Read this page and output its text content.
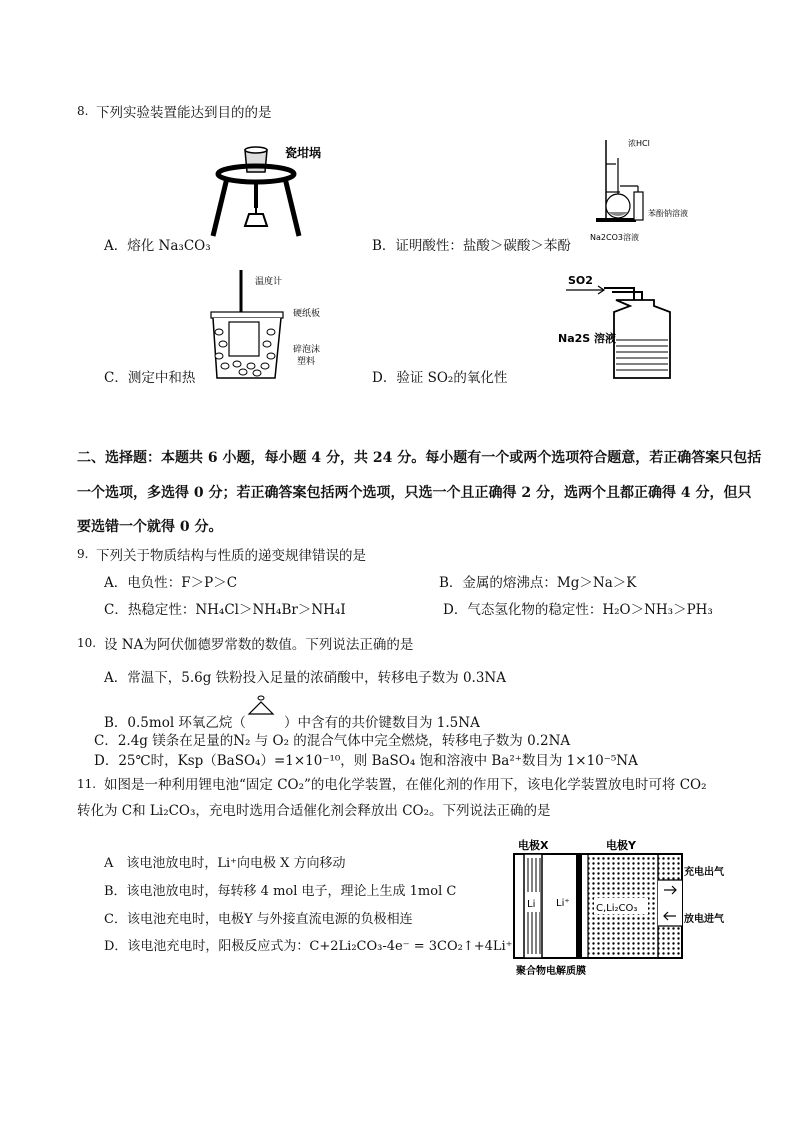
8. 下列实验装置能达到目的的是
瓷坩埚
浓HCl
苯酚钠溶液
Na2CO3溶液
A．熔化 Na₃CO₃	B．证明酸性：盐酸＞碳酸＞苯酚
温度计
硬纸板
碎泡沫
塑料
SO2
Na2S 溶液
C．测定中和热	D．验证 SO₂的氧化性
二、选择题：本题共 6 小题，每小题 4 分，共 24 分。每小题有一个或两个选项符合题意，若正确答案只包括
一个选项，多选得 0 分；若正确答案包括两个选项，只选一个且正确得 2 分，选两个且都正确得 4 分，但只
要选错一个就得 0 分。
9. 下列关于物质结构与性质的递变规律错误的是
A．电负性：F＞P＞C	B．金属的熔沸点：Mg＞Na＞K
C．热稳定性：NH₄Cl＞NH₄Br＞NH₄I	D．气态氢化物的稳定性：H₂O＞NH₃＞PH₃
10. 设 NA为阿伏伽德罗常数的数值。下列说法正确的是
A．常温下，5.6g 铁粉投入足量的浓硝酸中，转移电子数为 0.3NA
B．0.5mol 环氧乙烷（	）中含有的共价键数目为 1.5NA
C．2.4g 镁条在足量的N₂ 与 O₂ 的混合气体中完全燃烧，转移电子数为 0.2NA
D．25℃时，Ksp（BaSO₄）=1×10⁻¹⁰，则 BaSO₄ 饱和溶液中 Ba²⁺数目为 1×10⁻⁵NA
11. 如图是一种利用锂电池“固定 CO₂”的电化学装置，在催化剂的作用下，该电化学装置放电时可将 CO₂
转化为 C和 Li₂CO₃，充电时选用合适催化剂会释放出 CO₂。下列说法正确的是
A　该电池放电时，Li⁺向电极 X 方向移动
B．该电池放电时，每转移 4 mol 电子，理论上生成 1mol C
C．该电池充电时，电极Y 与外接直流电源的负极相连
D．该电池充电时，阳极反应式为：C+2Li₂CO₃-4e⁻ = 3CO₂↑+4Li⁺
电极X	电极Y
Li Li⁺	C,Li₂CO₃
充电出气
放电进气
聚合物电解质膜
